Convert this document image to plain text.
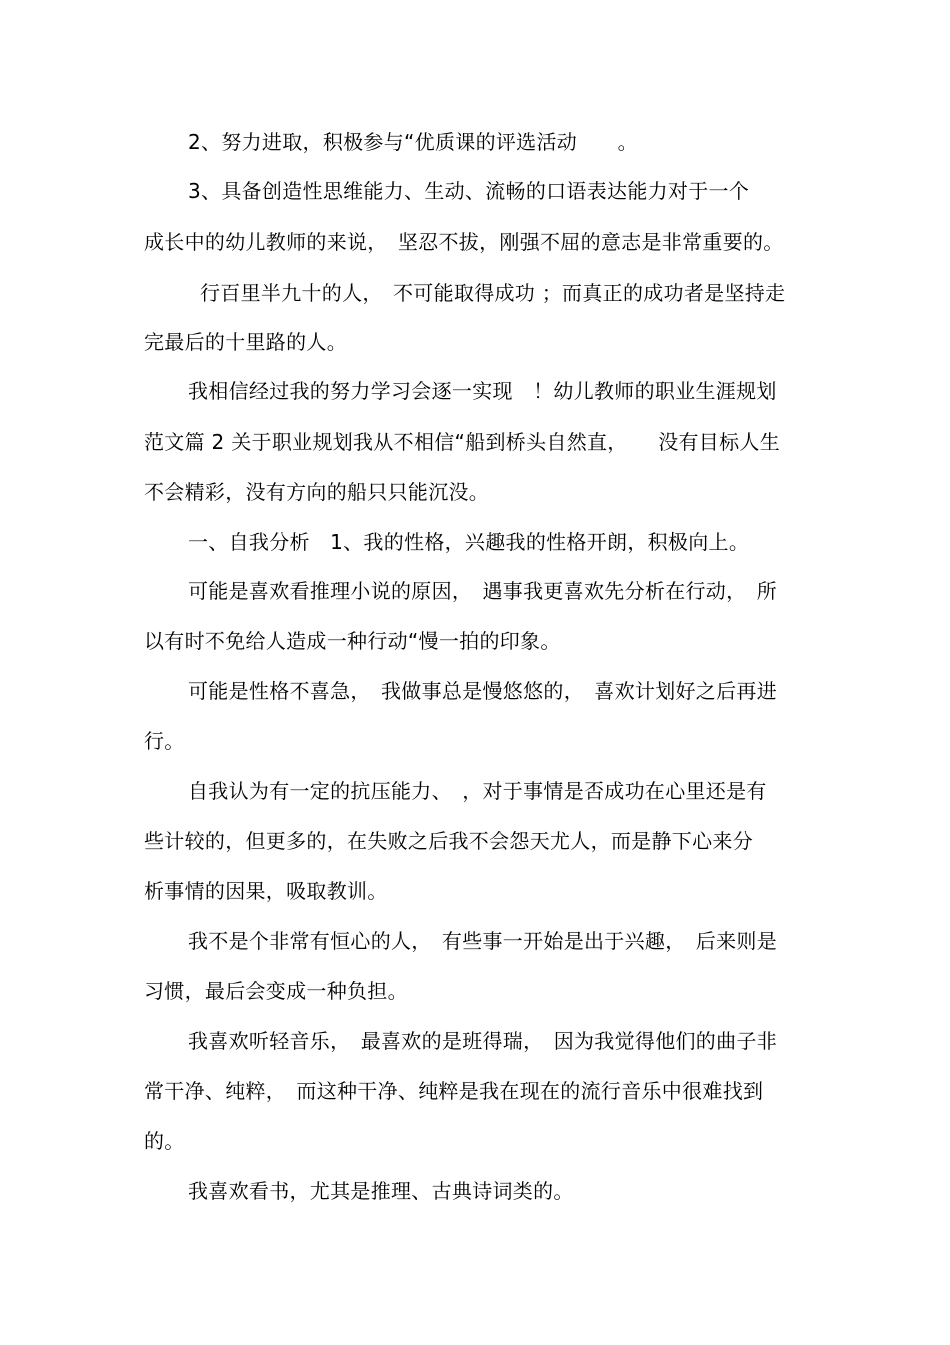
2、努力进取，积极参与“优质课的评选活动　　。
3、具备创造性思维能力、生动、流畅的口语表达能力对于一个
成长中的幼儿教师的来说，　坚忍不拔，刚强不屈的意志是非常重要的。
行百里半九十的人，　不可能取得成功 ；而真正的成功者是坚持走
完最后的十里路的人。
我相信经过我的努力学习会逐一实现　！幼儿教师的职业生涯规划
范文篇 2 关于职业规划我从不相信“船到桥头自然直，　　没有目标人生
不会精彩，没有方向的船只只能沉没。
一、自我分析　1、我的性格，兴趣我的性格开朗，积极向上。
可能是喜欢看推理小说的原因，　遇事我更喜欢先分析在行动，　所
以有时不免给人造成一种行动“慢一拍的印象。
可能是性格不喜急，　我做事总是慢悠悠的，　喜欢计划好之后再进
行。
自我认为有一定的抗压能力、　，对于事情是否成功在心里还是有
些计较的，但更多的，在失败之后我不会怨天尤人，而是静下心来分
析事情的因果，吸取教训。
我不是个非常有恒心的人，　有些事一开始是出于兴趣，　后来则是
习惯，最后会变成一种负担。
我喜欢听轻音乐，　最喜欢的是班得瑞，　因为我觉得他们的曲子非
常干净、纯粹，　而这种干净、纯粹是我在现在的流行音乐中很难找到
的。
我喜欢看书，尤其是推理、古典诗词类的。
